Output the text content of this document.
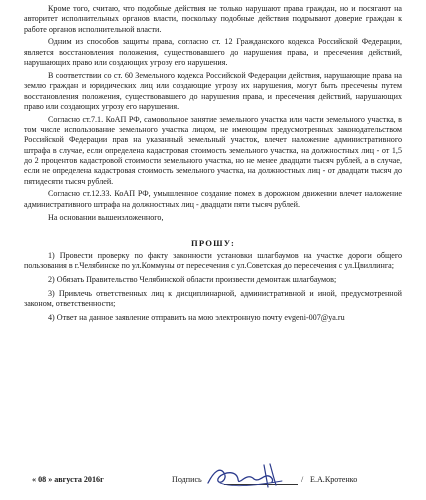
Кроме того, считаю, что подобные действия не только нарушают права граждан, но и посягают на авторитет исполнительных органов власти, поскольку подобные действия подрывают доверие граждан к работе органов исполнительной власти.

Одним из способов защиты права, согласно ст. 12 Гражданского кодекса Российской Федерации, является восстановления положения, существовавшего до нарушения права, и пресечения действий, нарушающих право или создающих угрозу его нарушения.

В соответствии со ст. 60 Земельного кодекса Российской Федерации действия, нарушающие права на землю граждан и юридических лиц или создающие угрозу их нарушения, могут быть пресечены путем восстановления положения, существовавшего до нарушения права, и пресечения действий, нарушающих право или создающих угрозу его нарушения.

Согласно ст.7.1. КоАП РФ, самовольное занятие земельного участка или части земельного участка, в том числе использование земельного участка лицом, не имеющим предусмотренных законодательством Российской Федерации прав на указанный земельный участок, влечет наложение административного штрафа в случае, если определена кадастровая стоимость земельного участка, на должностных лиц - от 1,5 до 2 процентов кадастровой стоимости земельного участка, но не менее двадцати тысяч рублей, а в случае, если не определена кадастровая стоимость земельного участка, на должностных лиц - от двадцати тысяч до пятидесяти тысяч рублей.

Согласно ст.12.33. КоАП РФ, умышленное создание помех в дорожном движении влечет наложение административного штрафа на должностных лиц - двадцати пяти тысяч рублей.

На основании вышеизложенного,

ПРОШУ:

1) Провести проверку по факту законности установки шлагбаумов на участке дороги общего пользования в г.Челябинске по ул.Коммуны от пересечения с ул.Советская до пересечения с ул.Цвиллинга;

2) Обязать Правительство Челябинской области произвести демонтаж шлагбаумов;

3) Привлечь ответственных лиц к дисциплинарной, административной и иной, предусмотренной законом, ответственности;

4) Ответ на данное заявление отправить на мою электронную почту evgeni-007@ya.ru

« 08 » августа 2016г	Подпись	/ Е.А.Кротенко
